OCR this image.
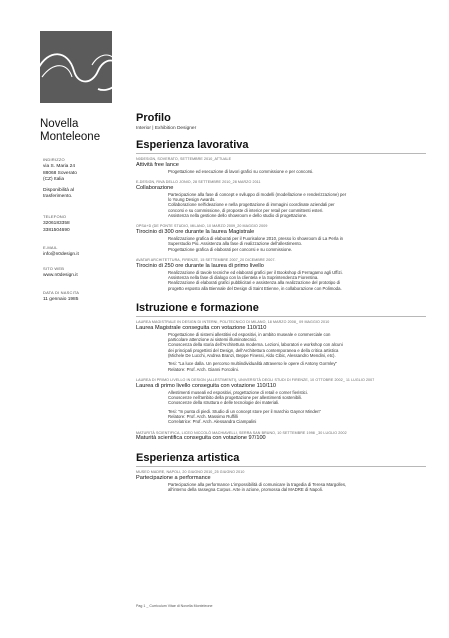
Novella
Monteleone
INDIRIZZO
via S. Maria 24
88068 Soverato
(CZ) Italia
Disponibilità al
trasferimento.
TELEFONO
3206183358
3381504690
E-MAIL
info@n0design.it
SITO WEB
www.n0design.it
DATA DI NASCITA
11 gennaio 1985
Profilo
Interior | Exhibition Designer
Esperienza lavorativa
N0DESIGN, SOVERATO, SETTEMBRE 2010_ATTUALE
Attività free lance
Progettazione ed esecuzione di lavori grafici su commissione e per concorsi.
E-DESIGN, RIVA DELLO JONIO, 28 SETTEMBRE 2010_28 MARZO 2011
Collaborazione
Partecipazione alla fase di concept e sviluppo di modelli (modellazione e renderizzazione) per
lo Young Design Awards.
Collaborazione nell'ideazione e nella progettazione di immagini coordinate aziendali per
concorsi e su commissione, di proposte di interior per retail per committenti esteri.
Assistenza nella gestione dello showroom e dello studio di progettazione.
OPSA+D (DE PONTE STUDIO, MILANO, 10 MARZO 2009_20 MAGGIO 2009
Tirocinio di 300 ore durante la laurea Magistrale
Realizzazione grafica di elaborati per il Fuorisalone 2010, presso lo showroom di La Perla in
Superstudio Più. Assistenza alla fase di realizzazione dell'allestimento.
Progettazione grafica di elaborati per concorsi e su commissione.
AVATAR ARCHITETTURA, FIRENZE, 15 SETTEMBRE 2007_20 DICEMBRE 2007.
Tirocinio di 250 ore durante la laurea di primo livello
Realizzazione di tavole tecniche ed elaborati grafici per il Bookshop di Ferragamo agli Uffizi.
Assistenza nella fase di dialogo con la clientela e la Soprintendenza Fiorentina.
Realizzazione di elaborati grafici pubblicitari e assistenza alla realizzazione del prototipo di
progetto esposto alla Biennale del Design di Saint Etienne, in collaborazione con Polimoda.
Istruzione e formazione
LAUREA MAGISTRALE IN DESIGN DI INTERNI, POLITECNICO DI MILANO, 18 MARZO 2008_ 09 MAGGIO 2010
Laurea Magistrale conseguita con votazione 110/110
Progettazione di sistemi allestitivi ed espositivi, in ambito museale e commerciale con
particolare attenzione ai sistemi illuminotecnici.
Conoscenza della storia dell'Architettura moderna. Lezioni, laboratori e workshop con alcuni
dei principali progettisti del Design, dell'Architettura contemporanea e della critica artistica
(Michele De Lucchi, Andrea Branzi, Beppe Finessi, Aldo Cibic, Alessandro Mendini, etc).
Tesi: "La luce dalla. Un percorso multiindividualità attraverso le opere di Antony Gormley"
Relatore: Prof. Arch. Gianni Forcolini.
LAUREA DI PRIMO LIVELLO IN DESIGN (ALLESTIMENTI), UNIVERSITÀ DEGLI STUDI DI FIRENZE, 10 OTTOBRE 2002_ 11 LUGLIO 2007
Laurea di primo livello conseguita con votazione 110/110
Allestimenti museali ed espositivi, progettazione di retail e corner fieristici.
Conoscenze nell'ambito della progettazione per allestimenti sostenibili.
Conoscenze della struttura e delle tecnologie dei materiali.
Tesi: "In punta di piedi. Studio di un concept store per il marchio Gaynor Minden"
Relatore: Prof. Arch. Massimo Ruffilli
Correlatrice: Prof. Arch. Alessandra Ciampalini
MATURITÀ SCIENTIFICA, LICEO NICCOLÒ MACHIAVELLI, SERRA SAN BRUNO, 10 SETTEMBRE 1998 _30 LUGLIO 2002
Maturità scientifica conseguita con votazione 97/100
Esperienza artistica
MUSEO MADRE, NAPOLI, 20 GIUGNO 2010_25 GIUGNO 2010
Partecipazione a performance
Partecipazione alla performance L'impossibilità di comunicare la tragedia di Teresa Margolles,
all'interno della rassegna Corpus. Arte in azione, promossa dal MADRE di Napoli.
Pag 1 _ Curriculum Vitae di Novella Monteleone
